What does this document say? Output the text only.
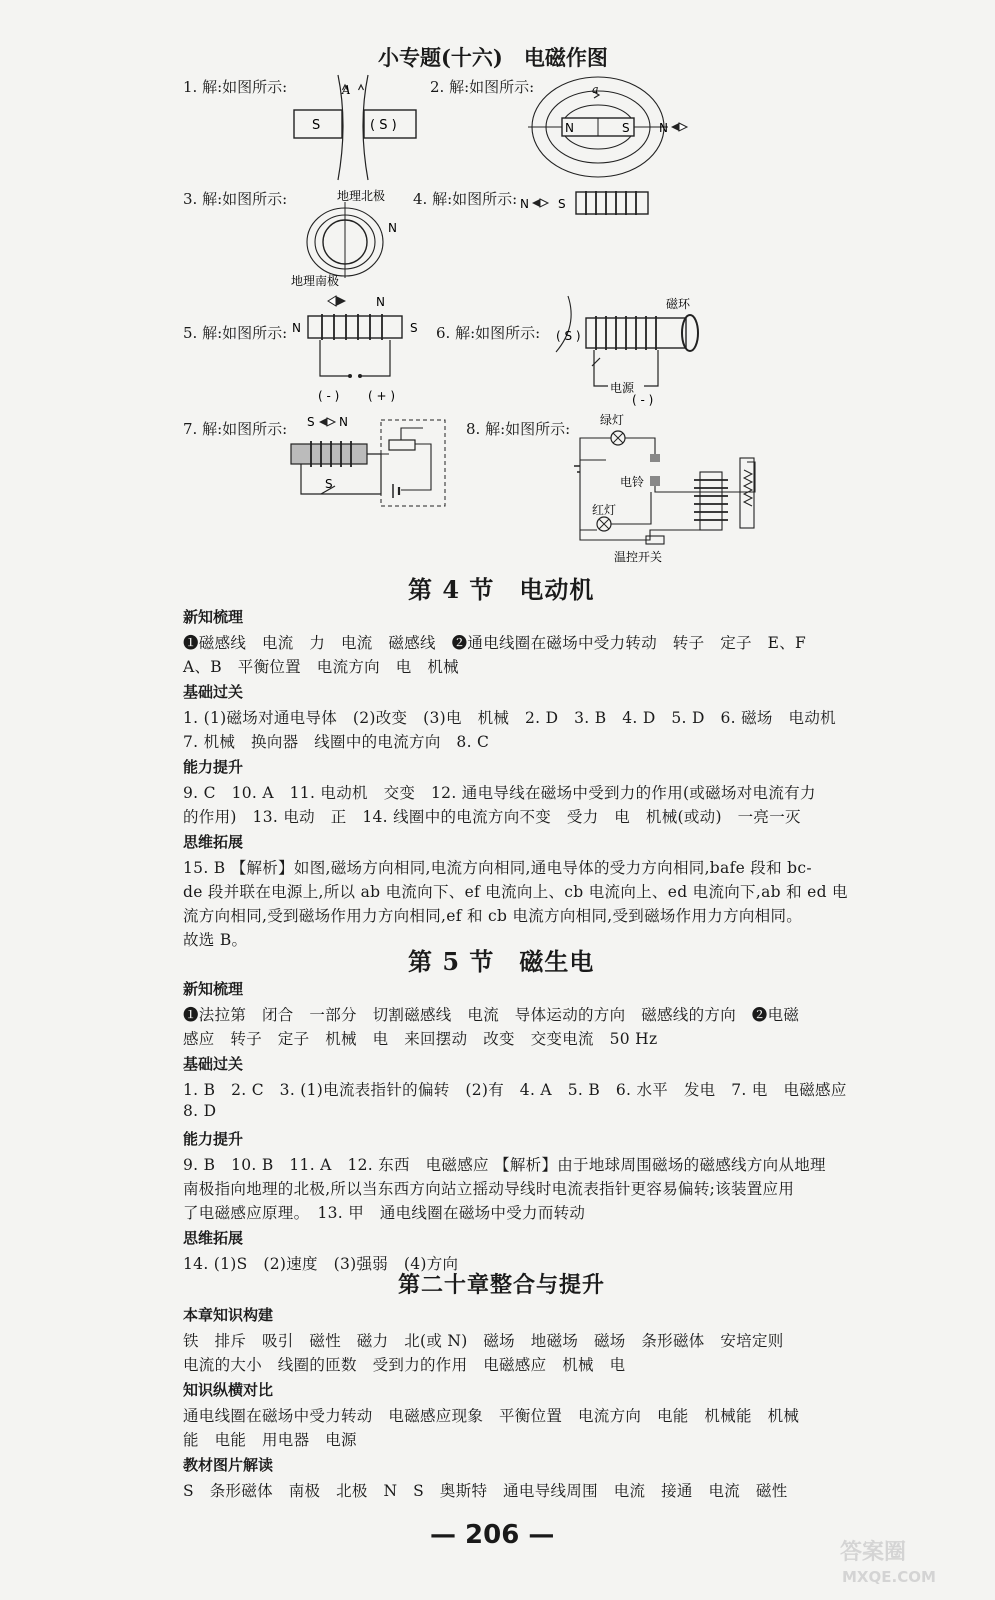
小专题(十六)　电磁作图
1. 解:如图所示:	2. 解:如图所示:
3. 解:如图所示:	4. 解:如图所示:
5. 解:如图所示:	6. 解:如图所示:
7. 解:如图所示:	8. 解:如图所示:
A
S	( S )
a
N	S N
地理北极
地理南极
N
N S
N
N	S
( - ) ( + )
磁环
( S )
电源
( - )
S N
S
绿灯
电铃
红灯
温控开关
第 4 节　电动机
新知梳理
❶磁感线　电流　力　电流　磁感线　❷通电线圈在磁场中受力转动　转子　定子　E、F
A、B　平衡位置　电流方向　电　机械
基础过关
1. (1)磁场对通电导体　(2)改变　(3)电　机械　2. D　3. B　4. D　5. D　6. 磁场　电动机
7. 机械　换向器　线圈中的电流方向　8. C
能力提升
9. C　10. A　11. 电动机　交变　12. 通电导线在磁场中受到力的作用(或磁场对电流有力
的作用)　13. 电动　正　14. 线圈中的电流方向不变　受力　电　机械(或动)　一亮一灭
思维拓展
15. B 【解析】如图,磁场方向相同,电流方向相同,通电导体的受力方向相同,bafe 段和 bc-
de 段并联在电源上,所以 ab 电流向下、ef 电流向上、cb 电流向上、ed 电流向下,ab 和 ed 电
流方向相同,受到磁场作用力方向相同,ef 和 cb 电流方向相同,受到磁场作用力方向相同。
故选 B。
第 5 节　磁生电
新知梳理
❶法拉第　闭合　一部分　切割磁感线　电流　导体运动的方向　磁感线的方向　❷电磁
感应　转子　定子　机械　电　来回摆动　改变　交变电流　50 Hz
基础过关
1. B　2. C　3. (1)电流表指针的偏转　(2)有　4. A　5. B　6. 水平　发电　7. 电　电磁感应
8. D
能力提升
9. B　10. B　11. A　12. 东西　电磁感应 【解析】由于地球周围磁场的磁感线方向从地理
南极指向地理的北极,所以当东西方向站立摇动导线时电流表指针更容易偏转;该装置应用
了电磁感应原理。　13. 甲　通电线圈在磁场中受力而转动
思维拓展
14. (1)S　(2)速度　(3)强弱　(4)方向
第二十章整合与提升
本章知识构建
铁　排斥　吸引　磁性　磁力　北(或 N)　磁场　地磁场　磁场　条形磁体　安培定则
电流的大小　线圈的匝数　受到力的作用　电磁感应　机械　电
知识纵横对比
通电线圈在磁场中受力转动　电磁感应现象　平衡位置　电流方向　电能　机械能　机械
能　电能　用电器　电源
教材图片解读
S　条形磁体　南极　北极　N　S　奥斯特　通电导线周围　电流　接通　电流　磁性
— 206 —
答案圈
MXQE.COM
